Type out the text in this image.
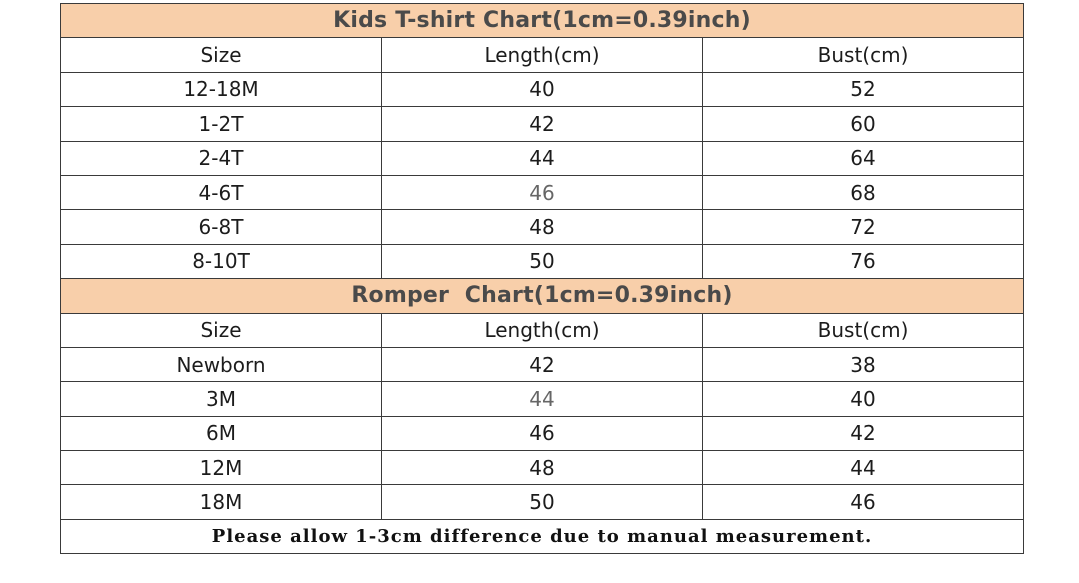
Kids T-shirt Chart(1cm=0.39inch)		
Size	Length(cm)	Bust(cm)
12-18M	40	52
1-2T	42	60
2-4T	44	64
4-6T	46	68
6-8T	48	72
8-10T	50	76
Romper  Chart(1cm=0.39inch)		
Size	Length(cm)	Bust(cm)
Newborn	42	38
3M	44	40
6M	46	42
12M	48	44
18M	50	46
Please allow 1-3cm difference due to manual measurement.		
